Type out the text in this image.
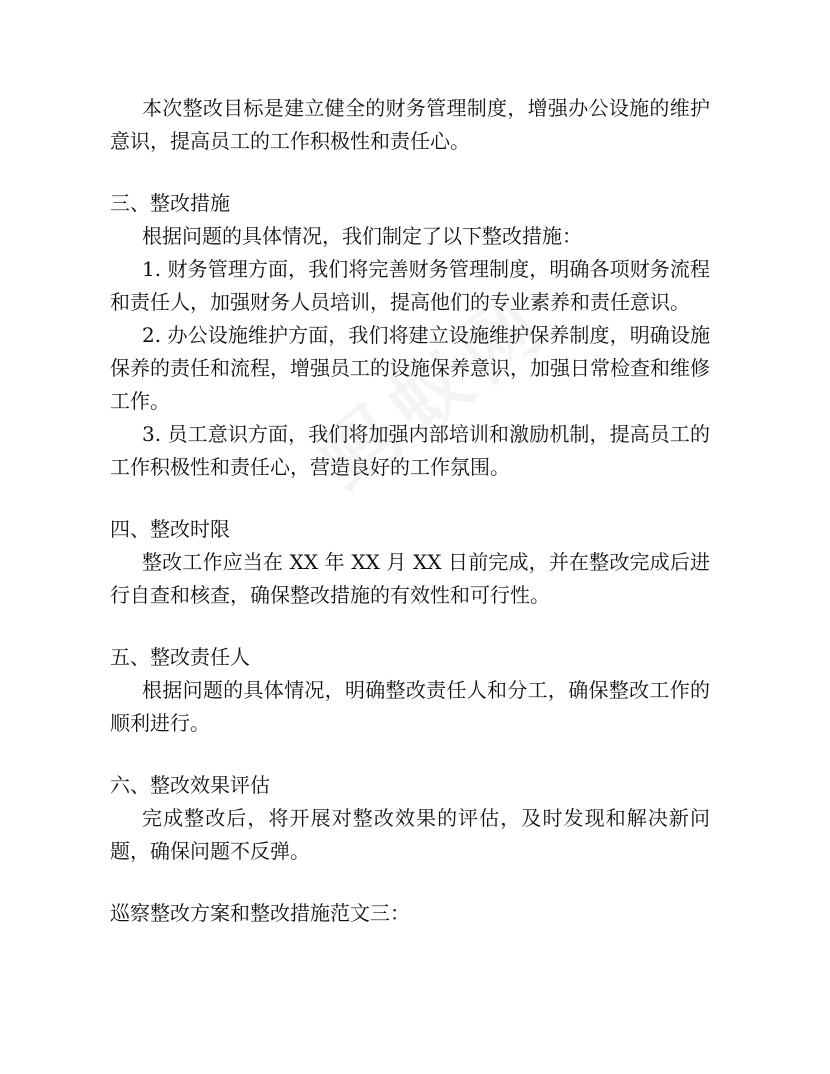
本次整改目标是建立健全的财务管理制度，增强办公设施的维护意识，提高员工的工作积极性和责任心。

三、整改措施

根据问题的具体情况，我们制定了以下整改措施：

1. 财务管理方面，我们将完善财务管理制度，明确各项财务流程和责任人，加强财务人员培训，提高他们的专业素养和责任意识。

2. 办公设施维护方面，我们将建立设施维护保养制度，明确设施保养的责任和流程，增强员工的设施保养意识，加强日常检查和维修工作。

3. 员工意识方面，我们将加强内部培训和激励机制，提高员工的工作积极性和责任心，营造良好的工作氛围。

四、整改时限

整改工作应当在 XX 年 XX 月 XX 日前完成，并在整改完成后进行自查和核查，确保整改措施的有效性和可行性。

五、整改责任人

根据问题的具体情况，明确整改责任人和分工，确保整改工作的顺利进行。

六、整改效果评估

完成整改后，将开展对整改效果的评估，及时发现和解决新问题，确保问题不反弹。

巡察整改方案和整改措施范文三：
